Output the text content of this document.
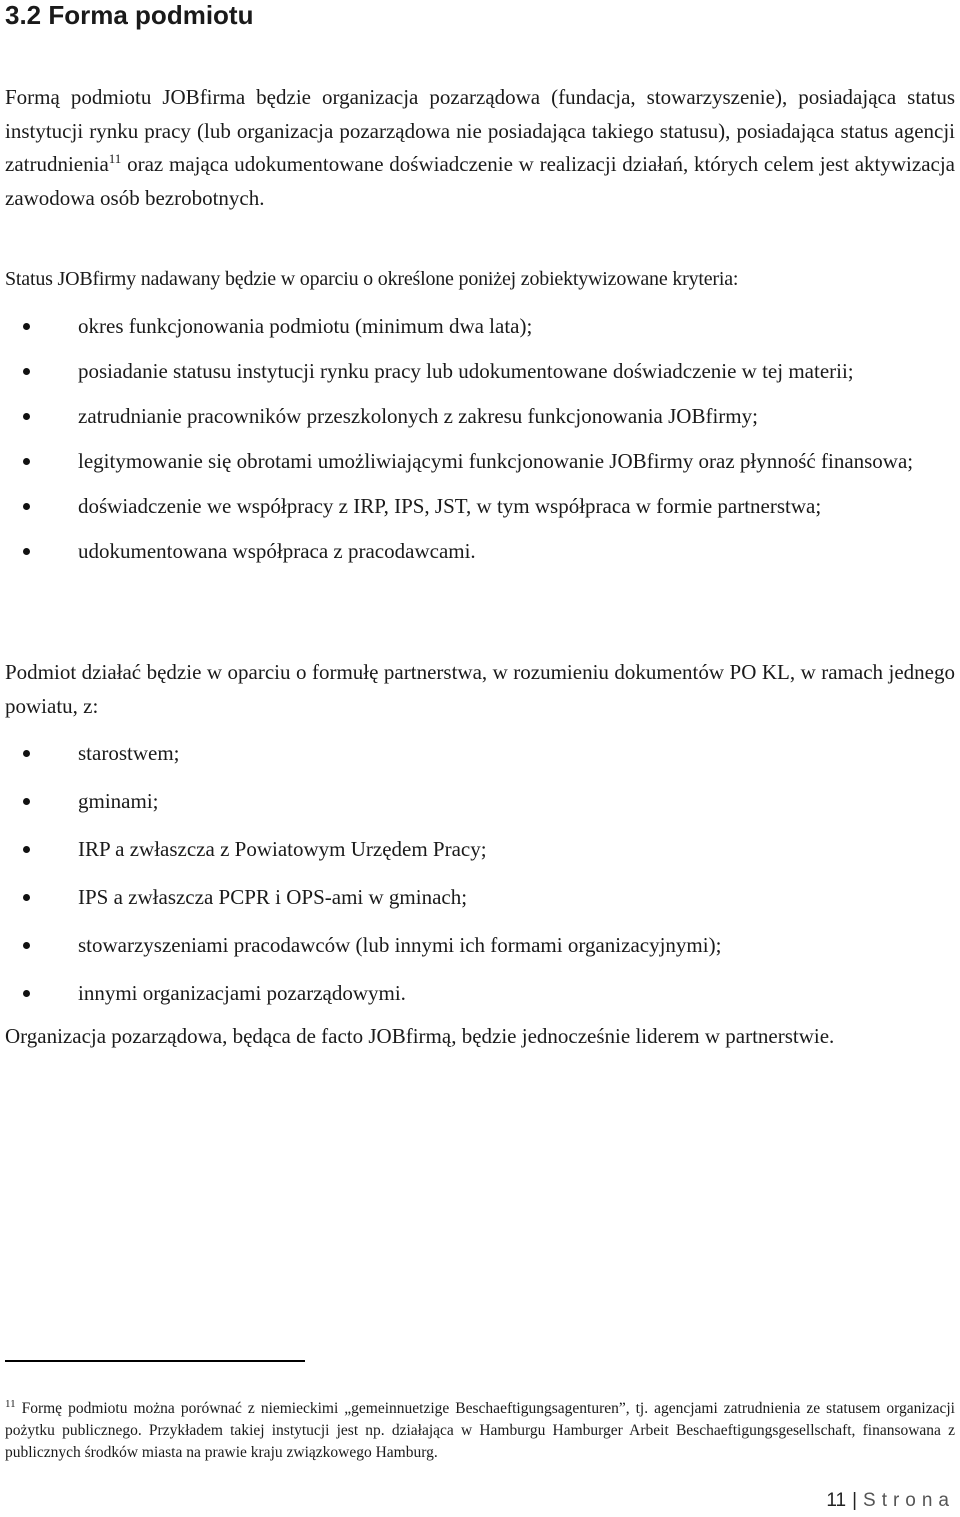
3.2 Forma podmiotu

Formą podmiotu JOBfirma będzie organizacja pozarządowa (fundacja, stowarzyszenie), posiadająca status instytucji rynku pracy (lub organizacja pozarządowa nie posiadająca takiego statusu), posiadająca status agencji zatrudnienia$^{11}$ oraz mająca udokumentowane doświadczenie w realizacji działań, których celem jest aktywizacja zawodowa osób bezrobotnych.

Status JOBfirmy nadawany będzie w oparciu o określone poniżej zobiektywizowane kryteria:

okres funkcjonowania podmiotu (minimum dwa lata);
posiadanie statusu instytucji rynku pracy lub udokumentowane doświadczenie w tej materii;
zatrudnianie pracowników przeszkolonych z zakresu funkcjonowania JOBfirmy;
legitymowanie się obrotami umożliwiającymi funkcjonowanie JOBfirmy oraz płynność finansowa;
doświadczenie we współpracy z IRP, IPS, JST, w tym współpraca w formie partnerstwa;
udokumentowana współpraca z pracodawcami.

Podmiot działać będzie w oparciu o formułę partnerstwa, w rozumieniu dokumentów PO KL, w ramach jednego powiatu, z:

starostwem;
gminami;
IRP a zwłaszcza z Powiatowym Urzędem Pracy;
IPS a zwłaszcza PCPR i OPS-ami w gminach;
stowarzyszeniami pracodawców (lub innymi ich formami organizacyjnymi);
innymi organizacjami pozarządowymi.

Organizacja pozarządowa, będąca de facto JOBfirmą, będzie jednocześnie liderem w partnerstwie.

$^{11}$ Formę podmiotu można porównać z niemieckimi „gemeinnuetzige Beschaeftigungsagenturen”, tj. agencjami zatrudnienia ze statusem organizacji pożytku publicznego. Przykładem takiej instytucji jest np. działająca w Hamburgu Hamburger Arbeit Beschaeftigungsgesellschaft, finansowana z publicznych środków miasta na prawie kraju związkowego Hamburg.
11 | Strona
